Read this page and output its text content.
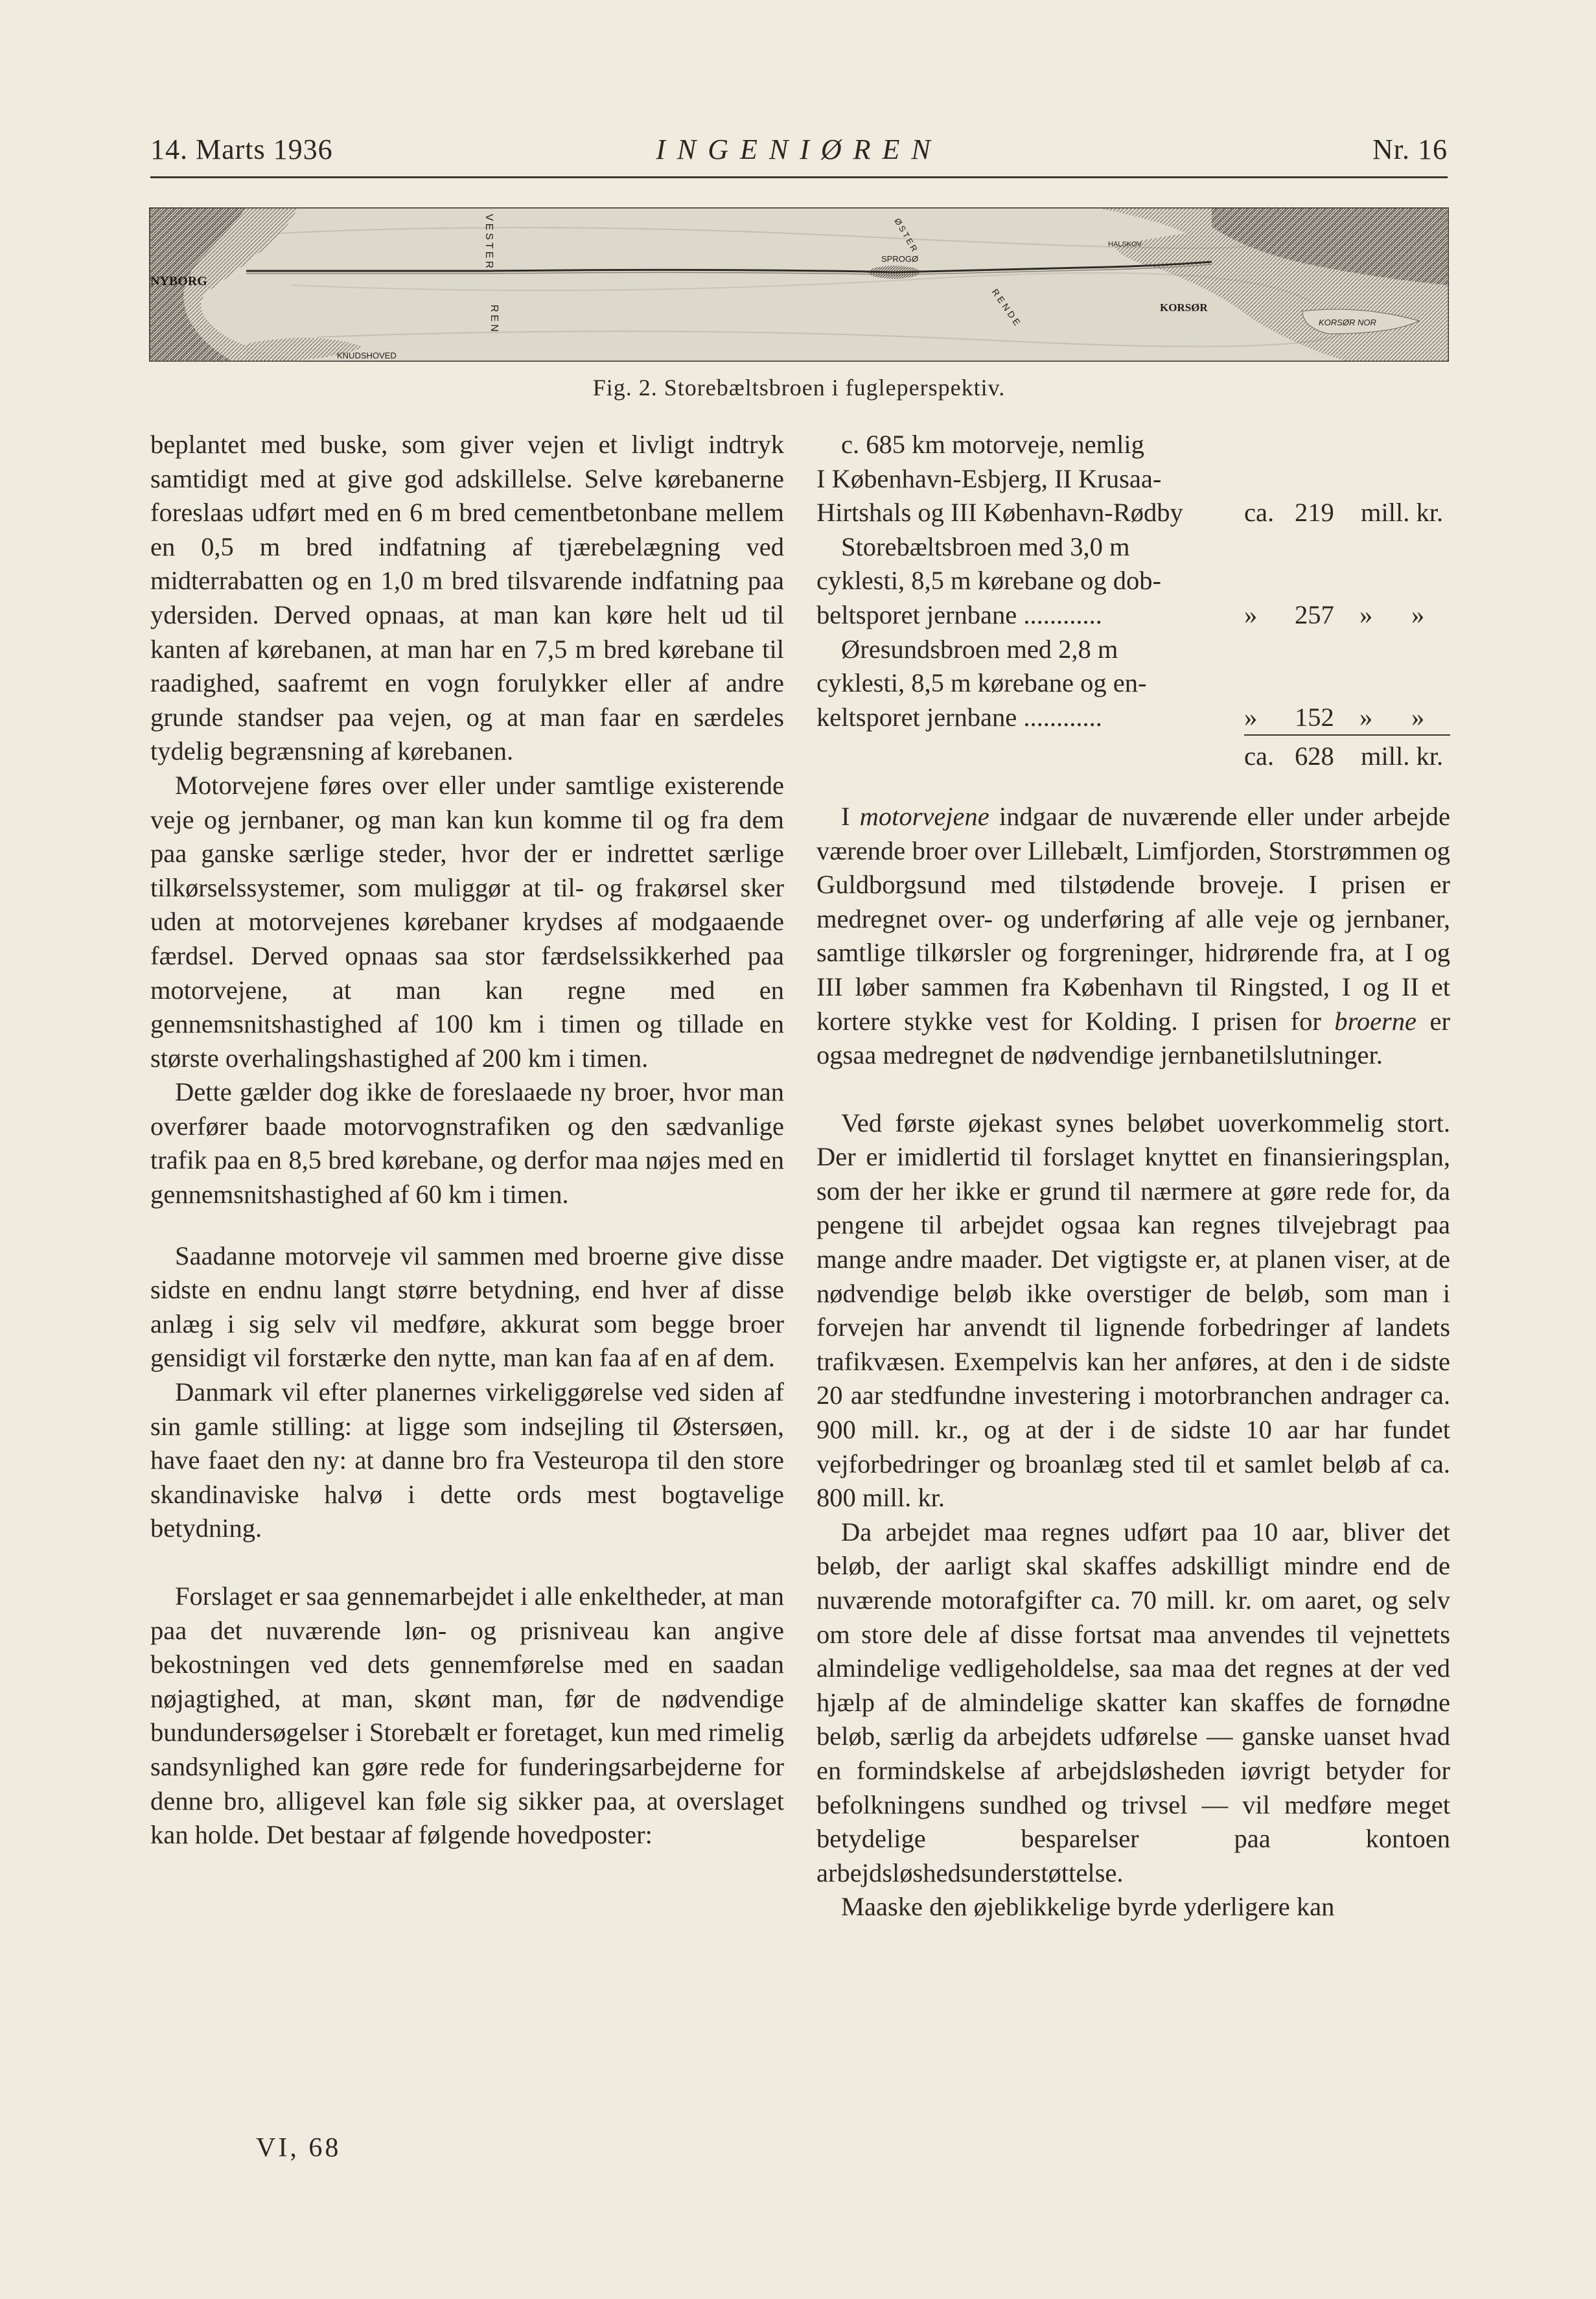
14. Marts 1936	INGENIØREN	Nr. 16
NYBORG
KNUDSHOVED
VESTER
REN
SPROGØ
ØSTER
RENDE
HALSKOV
KORSØR
KORSØR NOR
Fig. 2. Storebæltsbroen i fugleperspektiv.

beplantet med buske, som giver vejen et livligt indtryk samtidigt med at give god adskillelse. Selve kørebanerne foreslaas udført med en 6 m bred cementbetonbane mellem en 0,5 m bred indfatning af tjærebelægning ved midterrabatten og en 1,0 m bred tilsvarende indfatning paa ydersiden. Derved opnaas, at man kan køre helt ud til kanten af kørebanen, at man har en 7,5 m bred kørebane til raadighed, saafremt en vogn forulykker eller af andre grunde standser paa vejen, og at man faar en særdeles tydelig begrænsning af kørebanen.

Motorvejene føres over eller under samtlige existerende veje og jernbaner, og man kan kun komme til og fra dem paa ganske særlige steder, hvor der er indrettet særlige tilkørselssystemer, som muliggør at til- og frakørsel sker uden at motorvejenes kørebaner krydses af modgaaende færdsel. Derved opnaas saa stor færdselssikkerhed paa motorvejene, at man kan regne med en gennemsnitshastighed af 100 km i timen og tillade en største overhalingshastighed af 200 km i timen.

Dette gælder dog ikke de foreslaaede ny broer, hvor man overfører baade motorvognstrafiken og den sædvanlige trafik paa en 8,5 bred kørebane, og derfor maa nøjes med en gennemsnitshastighed af 60 km i timen.

Saadanne motorveje vil sammen med broerne give disse sidste en endnu langt større betydning, end hver af disse anlæg i sig selv vil medføre, akkurat som begge broer gensidigt vil forstærke den nytte, man kan faa af en af dem.

Danmark vil efter planernes virkeliggørelse ved siden af sin gamle stilling: at ligge som indsejling til Østersøen, have faaet den ny: at danne bro fra Vesteuropa til den store skandinaviske halvø i dette ords mest bogtavelige betydning.

Forslaget er saa gennemarbejdet i alle enkeltheder, at man paa det nuværende løn- og prisniveau kan angive bekostningen ved dets gennemførelse med en saadan nøjagtighed, at man, skønt man, før de nødvendige bundundersøgelser i Storebælt er foretaget, kun med rimelig sandsynlighed kan gøre rede for funderingsarbejderne for denne bro, alligevel kan føle sig sikker paa, at overslaget kan holde. Det bestaar af følgende hovedposter:

c. 685 km motorveje, nemlig
I København-Esbjerg, II Krusaa-
Hirtshals og III København-Rødby	ca. 219 mill. kr.
Storebæltsbroen med 3,0 m
cyklesti, 8,5 m kørebane og dob-
beltsporet jernbane ............	» 257 » »
Øresundsbroen med 2,8 m
cyklesti, 8,5 m kørebane og en-
keltsporet jernbane ............	» 152 » »
ca. 628 mill. kr.

I motorvejene indgaar de nuværende eller under arbejde værende broer over Lillebælt, Limfjorden, Storstrømmen og Guldborgsund med tilstødende broveje. I prisen er medregnet over- og underføring af alle veje og jernbaner, samtlige tilkørsler og forgreninger, hidrørende fra, at I og III løber sammen fra København til Ringsted, I og II et kortere stykke vest for Kolding. I prisen for broerne er ogsaa medregnet de nødvendige jernbanetilslutninger.

Ved første øjekast synes beløbet uoverkommelig stort. Der er imidlertid til forslaget knyttet en finansieringsplan, som der her ikke er grund til nærmere at gøre rede for, da pengene til arbejdet ogsaa kan regnes tilvejebragt paa mange andre maader. Det vigtigste er, at planen viser, at de nødvendige beløb ikke overstiger de beløb, som man i forvejen har anvendt til lignende forbedringer af landets trafikvæsen. Exempelvis kan her anføres, at den i de sidste 20 aar stedfundne investering i motorbranchen andrager ca. 900 mill. kr., og at der i de sidste 10 aar har fundet vejforbedringer og broanlæg sted til et samlet beløb af ca. 800 mill. kr.

Da arbejdet maa regnes udført paa 10 aar, bliver det beløb, der aarligt skal skaffes adskilligt mindre end de nuværende motorafgifter ca. 70 mill. kr. om aaret, og selv om store dele af disse fortsat maa anvendes til vejnettets almindelige vedligeholdelse, saa maa det regnes at der ved hjælp af de almindelige skatter kan skaffes de fornødne beløb, særlig da arbejdets udførelse — ganske uanset hvad en formindskelse af arbejdsløsheden iøvrigt betyder for befolkningens sundhed og trivsel — vil medføre meget betydelige besparelser paa kontoen arbejdsløshedsunderstøttelse.

Maaske den øjeblikkelige byrde yderligere kan

VI, 68
